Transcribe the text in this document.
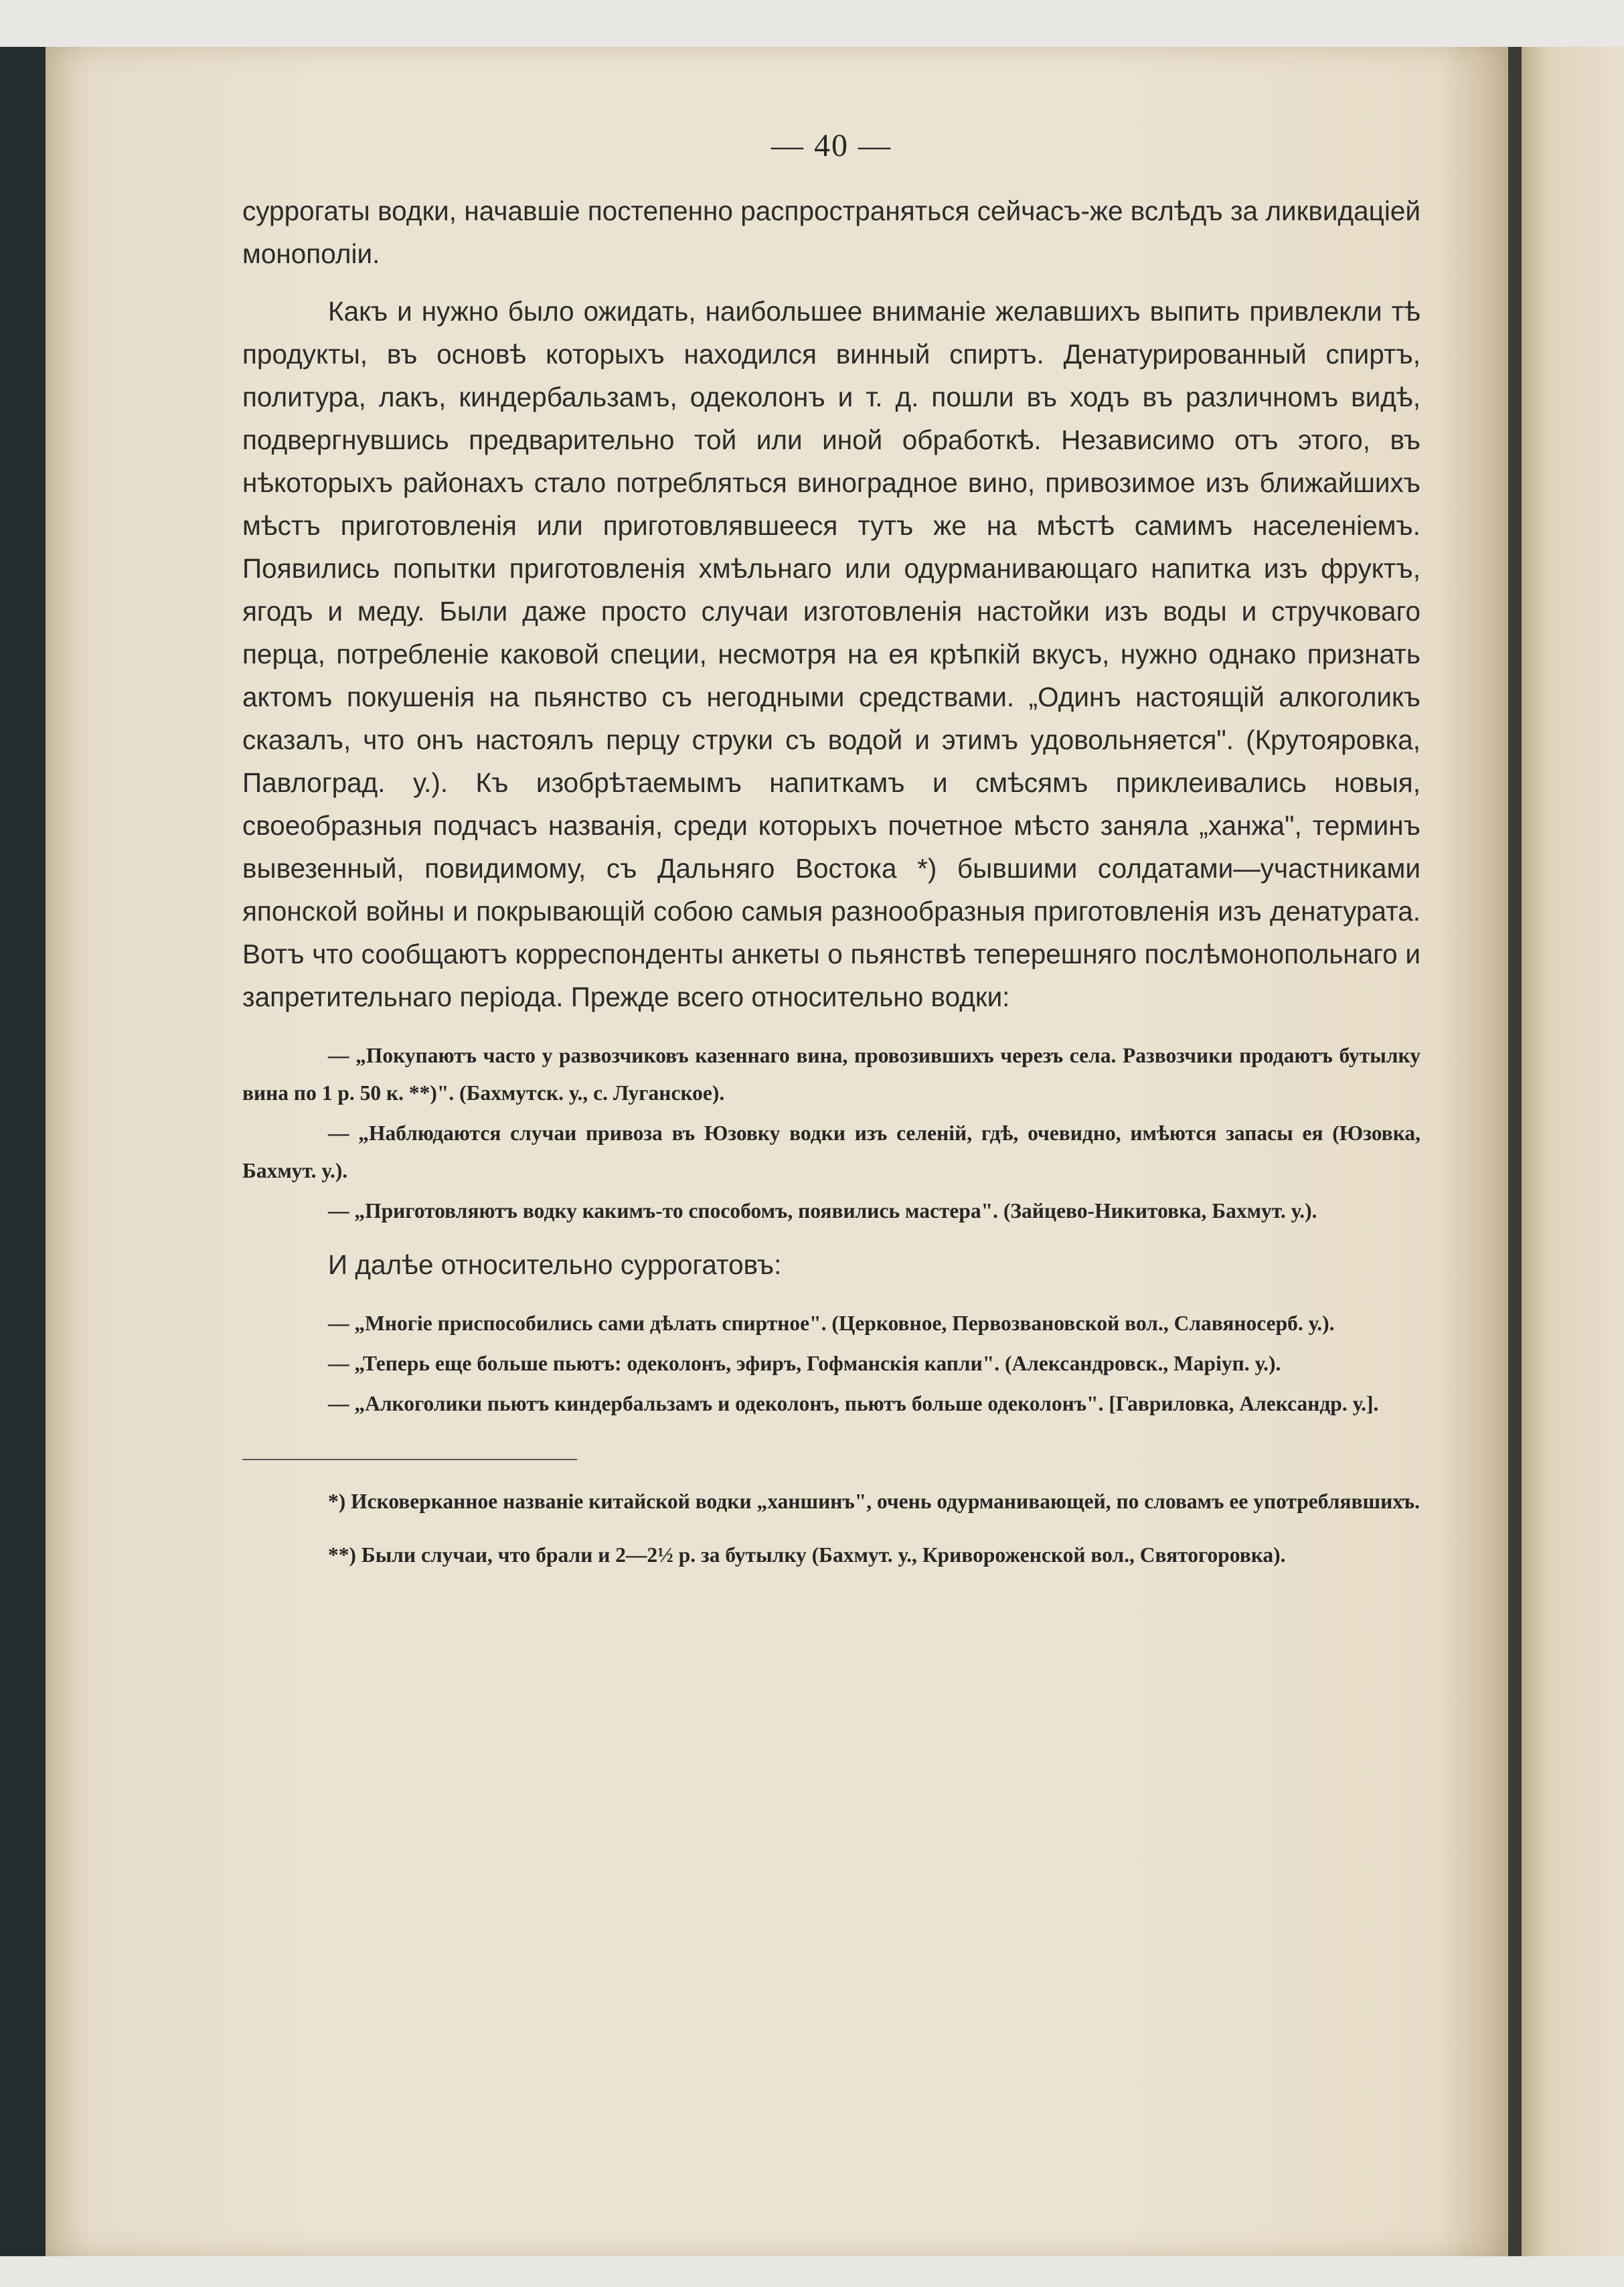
— 40 —

суррогаты водки, начавшіе постепенно распространяться сейчасъ-же вслѣдъ за ликвидаціей монополіи.

Какъ и нужно было ожидать, наибольшее вниманіе желавшихъ выпить привлекли тѣ продукты, въ основѣ которыхъ находился винный спиртъ. Денатурированный спиртъ, политура, лакъ, киндербальзамъ, одеколонъ и т. д. пошли въ ходъ въ различномъ видѣ, подвергнувшись предварительно той или иной обработкѣ. Независимо отъ этого, въ нѣкоторыхъ районахъ стало потребляться виноградное вино, привозимое изъ ближайшихъ мѣстъ приготовленія или приготовлявшееся тутъ же на мѣстѣ самимъ населеніемъ. Появились попытки приготовленія хмѣльнаго или одурманивающаго напитка изъ фруктъ, ягодъ и меду. Были даже просто случаи изготовленія настойки изъ воды и стручковаго перца, потребленіе каковой специи, несмотря на ея крѣпкій вкусъ, нужно однако признать актомъ покушенія на пьянство съ негодными средствами. „Одинъ настоящій алкоголикъ сказалъ, что онъ настоялъ перцу струки съ водой и этимъ удовольняется". (Крутояровка, Павлоград. у.). Къ изобрѣтаемымъ напиткамъ и смѣсямъ приклеивались новыя, своеобразныя подчасъ названія, среди которыхъ почетное мѣсто заняла „ханжа", терминъ вывезенный, повидимому, съ Дальняго Востока *) бывшими солдатами—участниками японской войны и покрывающій собою самыя разнообразныя приготовленія изъ денатурата. Вотъ что сообщаютъ корреспонденты анкеты о пьянствѣ теперешняго послѣмонопольнаго и запретительнаго періода. Прежде всего относительно водки:

— „Покупаютъ часто у развозчиковъ казеннаго вина, провозившихъ черезъ села. Развозчики продаютъ бутылку вина по 1 р. 50 к. **)". (Бахмутск. у., с. Луганское).

— „Наблюдаются случаи привоза въ Юзовку водки изъ селеній, гдѣ, очевидно, имѣются запасы ея (Юзовка, Бахмут. у.).

— „Приготовляютъ водку какимъ-то способомъ, появились мастера". (Зайцево-Никитовка, Бахмут. у.).

И далѣе относительно суррогатовъ:

— „Многіе приспособились сами дѣлать спиртное". (Церковное, Первозвановской вол., Славяносерб. у.).

— „Теперь еще больше пьютъ: одеколонъ, эфиръ, Гофманскія капли". (Александровск., Маріуп. у.).

— „Алкоголики пьютъ киндербальзамъ и одеколонъ, пьютъ больше одеколонъ". [Гавриловка, Александр. у.].

*) Исковерканное названіе китайской водки „ханшинъ", очень одурманивающей, по словамъ ее употреблявшихъ.

**) Были случаи, что брали и 2—2½ р. за бутылку (Бахмут. у., Кривороженской вол., Святогоровка).
